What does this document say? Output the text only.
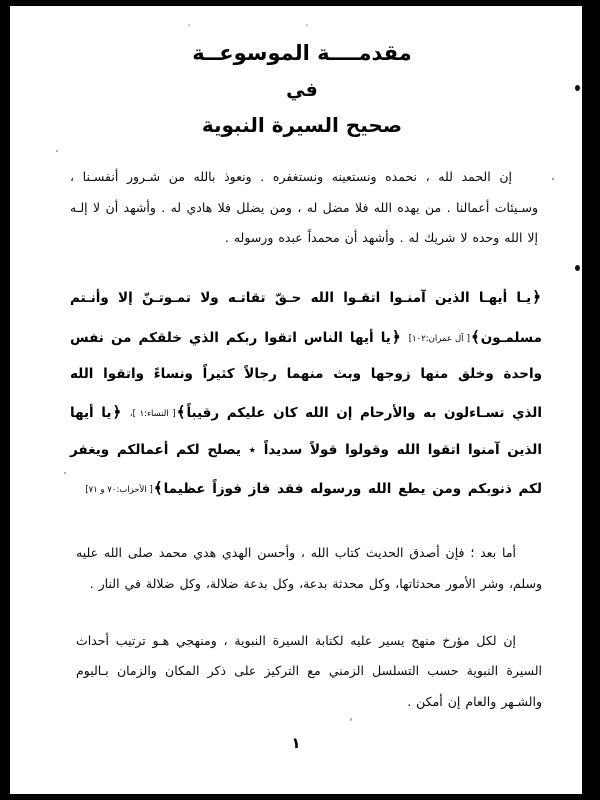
مقدمــــة الموسوعــة
في
صحيح السيرة النبوية

إن الحمد لله ، نحمده ونستعينه ونستغفره . ونعوذ بالله من شـرور أنفسـنا ، وسـيئات أعمالنا . من يهده الله فلا مضل له ، ومن يضلل فلا هادي له . وأشهد أن لا إلـه إلا الله وحده لا شريك له . وأشهد أن محمداً عبده ورسوله .

﴿يـا أيهـا الذين آمنـوا اتقـوا الله حـقّ تقاتـه ولا تمـوتـنّ إلا وأنـتم مسلمـون﴾[ آل عمران:١٠٢] ﴿يا أيها الناس اتقوا ربكم الذي خلقكم من نفس واحدة وخلق منها زوجها وبث منهما رجالاً كثيراً ونساءً واتقوا الله الذي تسـاءلون به والأرحام إن الله كان عليكم رقيباً﴾[ النساء:١ ]، ﴿يا أيها الذين آمنوا اتقوا الله وقولوا قولاً سديداً ٭ يصلح لكم أعمالكم ويغفر لكم ذنوبكم ومن يطع الله ورسوله فقد فاز فوزاً عظيما﴾[ الأحزاب:٧٠ و ٧١]

أما بعد ؛ فإن أصدق الحديث كتاب الله ، وأحسن الهدي هدي محمد صلى الله عليه وسلم، وشر الأمور محدثاتها، وكل محدثة بدعة، وكل بدعة ضلالة، وكل ضلالة في النار .

إن لكل مؤرخ منهج يسير عليه لكتابة السيرة النبوية ، ومنهجي هـو ترتيب أحداث السيرة النبوية حسب التسلسل الزمني مع التركيز على ذكر المكان والزمان بـاليوم والشـهر والعام إن أمكن .

١
